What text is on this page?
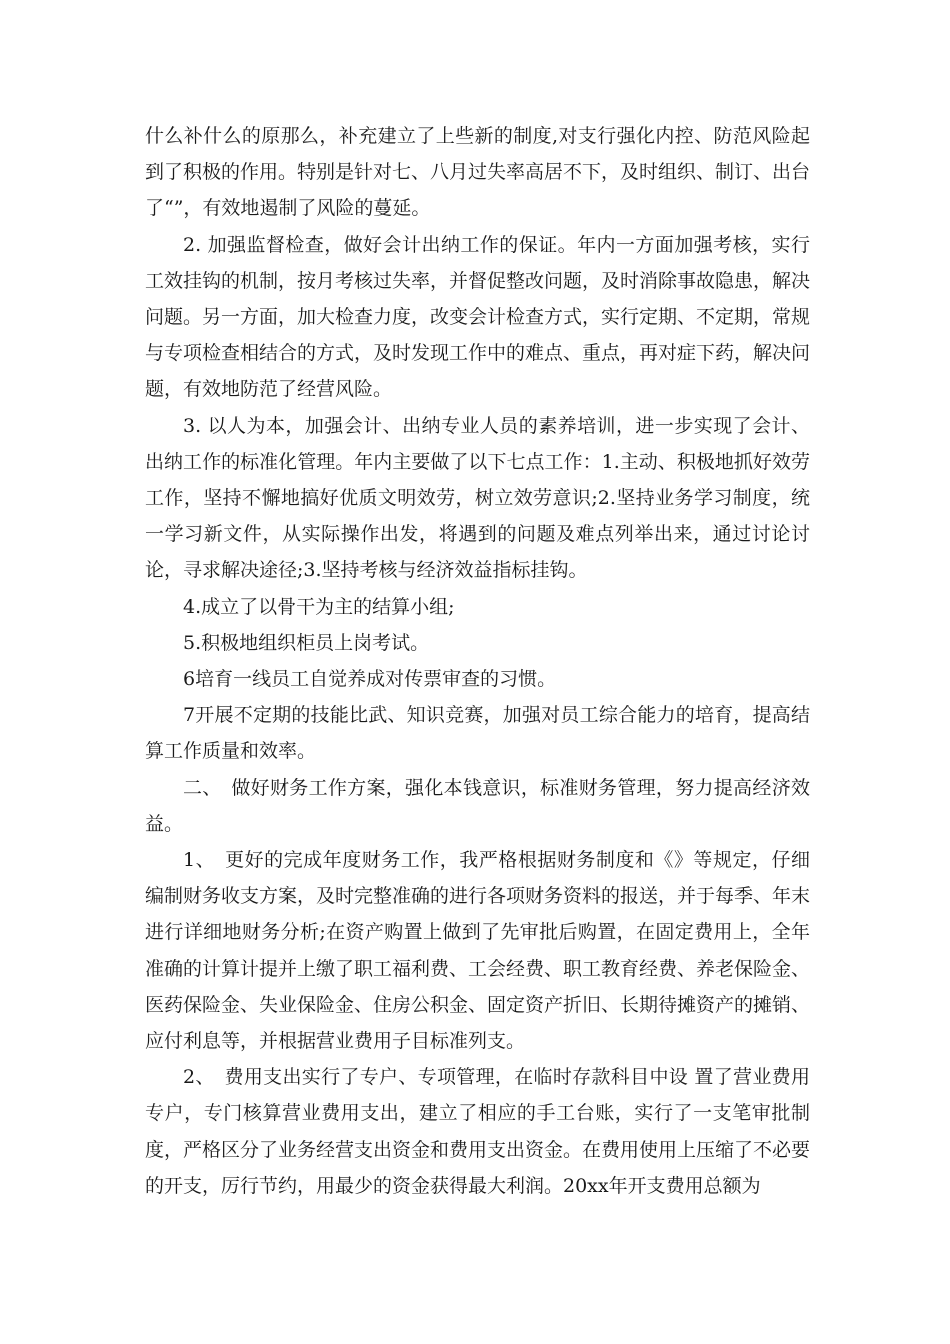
什么补什么的原那么，补充建立了上些新的制度,对支行强化内控、防范风险起到了积极的作用。特别是针对七、八月过失率高居不下，及时组织、制订、出台了“”，有效地遏制了风险的蔓延。

2. 加强监督检查，做好会计出纳工作的保证。年内一方面加强考核，实行工效挂钩的机制，按月考核过失率，并督促整改问题，及时消除事故隐患，解决问题。另一方面，加大检查力度，改变会计检查方式，实行定期、不定期，常规与专项检查相结合的方式，及时发现工作中的难点、重点，再对症下药，解决问题，有效地防范了经营风险。

3. 以人为本，加强会计、出纳专业人员的素养培训，进一步实现了会计、出纳工作的标准化管理。年内主要做了以下七点工作：1.主动、积极地抓好效劳工作，坚持不懈地搞好优质文明效劳，树立效劳意识;2.坚持业务学习制度，统一学习新文件，从实际操作出发，将遇到的问题及难点列举出来，通过讨论讨论，寻求解决途径;3.坚持考核与经济效益指标挂钩。

4.成立了以骨干为主的结算小组;

5.积极地组织柜员上岗考试。

6培育一线员工自觉养成对传票审查的习惯。

7开展不定期的技能比武、知识竞赛，加强对员工综合能力的培育，提高结算工作质量和效率。

二、　做好财务工作方案，强化本钱意识，标准财务管理，努力提高经济效益。

1、　更好的完成年度财务工作，我严格根据财务制度和《》等规定，仔细编制财务收支方案，及时完整准确的进行各项财务资料的报送，并于每季、年末进行详细地财务分析;在资产购置上做到了先审批后购置，在固定费用上，全年准确的计算计提并上缴了职工福利费、工会经费、职工教育经费、养老保险金、医药保险金、失业保险金、住房公积金、固定资产折旧、长期待摊资产的摊销、应付利息等，并根据营业费用子目标准列支。

2、　费用支出实行了专户、专项管理，在临时存款科目中设 置了营业费用专户，专门核算营业费用支出，建立了相应的手工台账，实行了一支笔审批制度，严格区分了业务经营支出资金和费用支出资金。在费用使用上压缩了不必要的开支，厉行节约，用最少的资金获得最大利润。20xx年开支费用总额为
